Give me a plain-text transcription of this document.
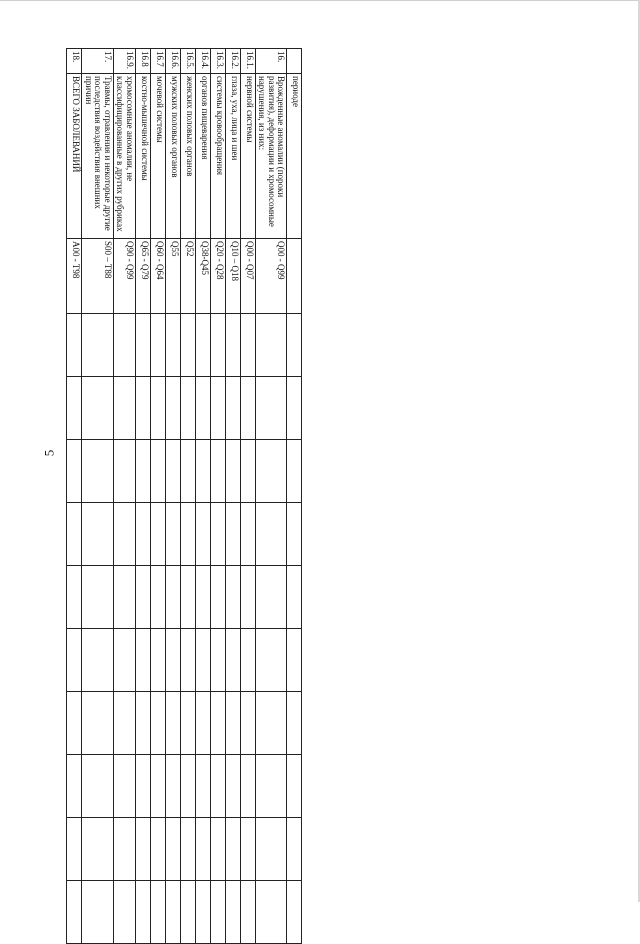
5
	периоде											
16.	Врожденные аномалии (пороки развития), деформации и хромосомные нарушения, из них:	Q00 - Q99										
16.1.	нервной системы	Q00 - Q07										
16.2.	глаза, уха, лица и шеи	Q10 – Q18										
16.3.	системы кровообращения	Q20 - Q28										
16.4.	органов пищеварения	Q38-Q45										
16.5.	женских половых органов	Q52										
16.6.	мужских половых органов	Q55										
16.7	мочевой системы	Q60 - Q64										
16.8	костно-мышечной системы	Q65 - Q79										
16.9.	хромосомные аномалии, не классифицированные в других рубриках	Q90 - Q99										
17.	Травмы, отравления и некоторые другие последствия воздействия внешних причин	S00 – T88										
18.	ВСЕГО ЗАБОЛЕВАНИЙ	A00 - T98										
